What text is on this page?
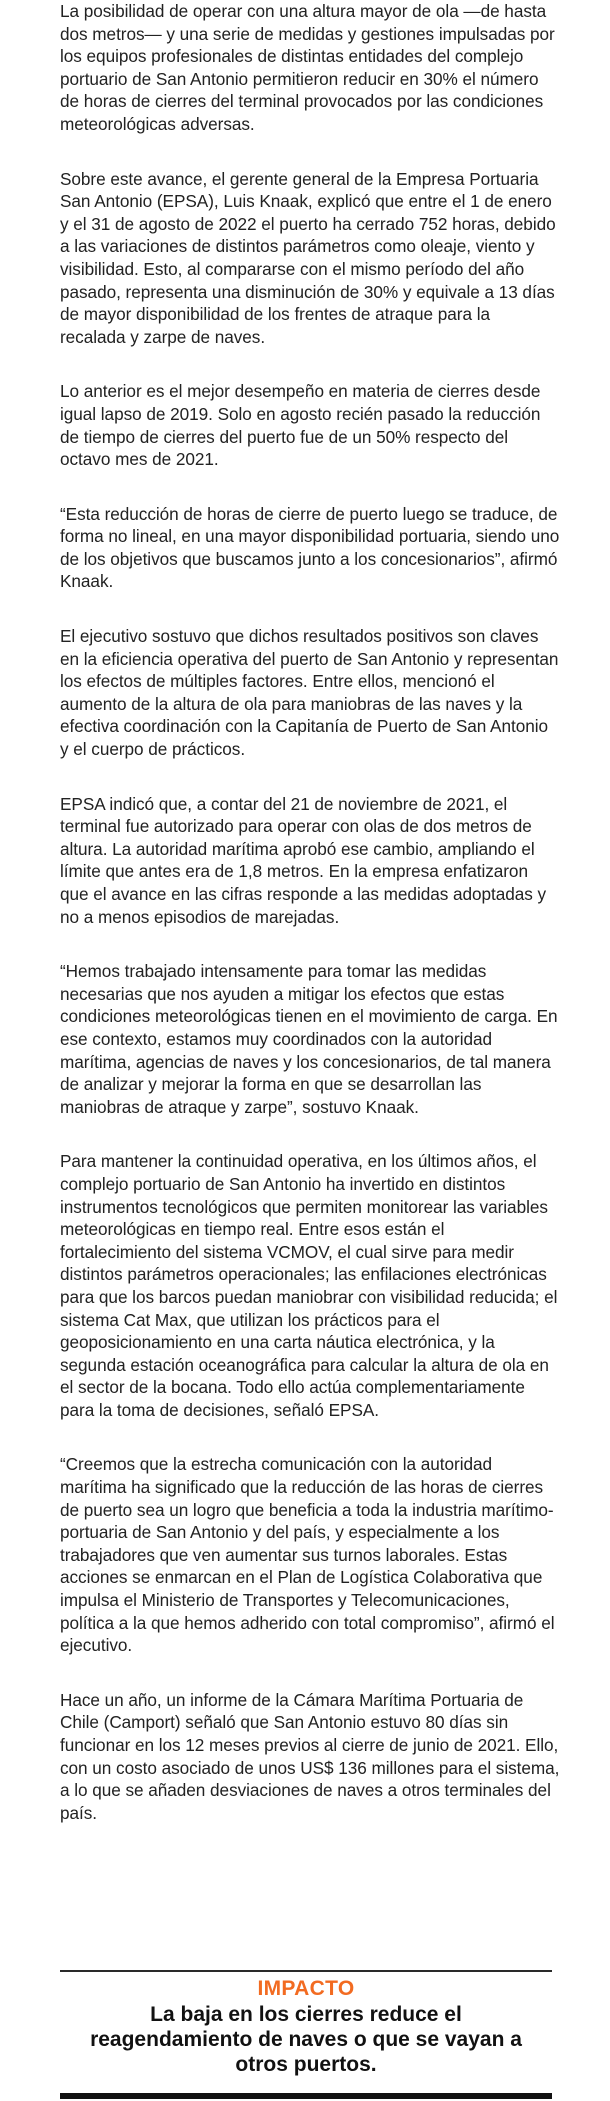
La posibilidad de operar con una altura mayor de ola —de hasta dos metros— y una serie de medidas y gestiones impulsadas por los equipos profesionales de distintas entidades del complejo portuario de San Antonio permitieron reducir en 30% el número de horas de cierres del terminal provocados por las condiciones meteorológicas adversas.

Sobre este avance, el gerente general de la Empresa Portuaria San Antonio (EPSA), Luis Knaak, explicó que entre el 1 de enero y el 31 de agosto de 2022 el puerto ha cerrado 752 horas, debido a las variaciones de distintos parámetros como oleaje, viento y visibilidad. Esto, al compararse con el mismo período del año pasado, representa una disminución de 30% y equivale a 13 días de mayor disponibilidad de los frentes de atraque para la recalada y zarpe de naves.

Lo anterior es el mejor desempeño en materia de cierres desde igual lapso de 2019. Solo en agosto recién pasado la reducción de tiempo de cierres del puerto fue de un 50% respecto del octavo mes de 2021.

“Esta reducción de horas de cierre de puerto luego se traduce, de forma no lineal, en una mayor disponibilidad portuaria, siendo uno de los objetivos que buscamos junto a los concesionarios”, afirmó Knaak.

El ejecutivo sostuvo que dichos resultados positivos son claves en la eficiencia operativa del puerto de San Antonio y representan los efectos de múltiples factores. Entre ellos, mencionó el aumento de la altura de ola para maniobras de las naves y la efectiva coordinación con la Capitanía de Puerto de San Antonio y el cuerpo de prácticos.

EPSA indicó que, a contar del 21 de noviembre de 2021, el terminal fue autorizado para operar con olas de dos metros de altura. La autoridad marítima aprobó ese cambio, ampliando el límite que antes era de 1,8 metros. En la empresa enfatizaron que el avance en las cifras responde a las medidas adoptadas y no a menos episodios de marejadas.

“Hemos trabajado intensamente para tomar las medidas necesarias que nos ayuden a mitigar los efectos que estas condiciones meteorológicas tienen en el movimiento de carga. En ese contexto, estamos muy coordinados con la autoridad marítima, agencias de naves y los concesionarios, de tal manera de analizar y mejorar la forma en que se desarrollan las maniobras de atraque y zarpe”, sostuvo Knaak.

Para mantener la continuidad operativa, en los últimos años, el complejo portuario de San Antonio ha invertido en distintos instrumentos tecnológicos que permiten monitorear las variables meteorológicas en tiempo real. Entre esos están el fortalecimiento del sistema VCMOV, el cual sirve para medir distintos parámetros operacionales; las enfilaciones electrónicas para que los barcos puedan maniobrar con visibilidad reducida; el sistema Cat Max, que utilizan los prácticos para el geoposicionamiento en una carta náutica electrónica, y la segunda estación oceanográfica para calcular la altura de ola en el sector de la bocana. Todo ello actúa complementariamente para la toma de decisiones, señaló EPSA.

“Creemos que la estrecha comunicación con la autoridad marítima ha significado que la reducción de las horas de cierres de puerto sea un logro que beneficia a toda la industria marítimo-portuaria de San Antonio y del país, y especialmente a los trabajadores que ven aumentar sus turnos laborales. Estas acciones se enmarcan en el Plan de Logística Colaborativa que impulsa el Ministerio de Transportes y Telecomunicaciones, política a la que hemos adherido con total compromiso”, afirmó el ejecutivo.

Hace un año, un informe de la Cámara Marítima Portuaria de Chile (Camport) señaló que San Antonio estuvo 80 días sin funcionar en los 12 meses previos al cierre de junio de 2021. Ello, con un costo asociado de unos US$ 136 millones para el sistema, a lo que se añaden desviaciones de naves a otros terminales del país.

IMPACTO
La baja en los cierres reduce el reagendamiento de naves o que se vayan a otros puertos.
